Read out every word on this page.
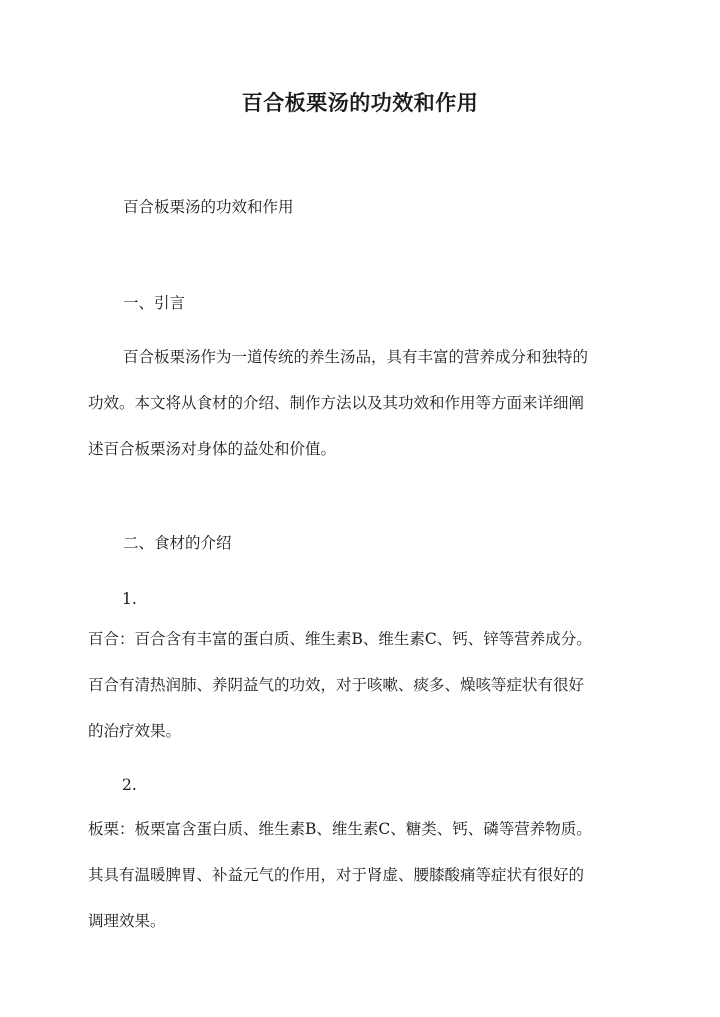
百合板栗汤的功效和作用

百合板栗汤的功效和作用

一、引言

百合板栗汤作为一道传统的养生汤品，具有丰富的营养成分和独特的

功效。本文将从食材的介绍、制作方法以及其功效和作用等方面来详细阐

述百合板栗汤对身体的益处和价值。

二、食材的介绍

1.

百合：百合含有丰富的蛋白质、维生素B、维生素C、钙、锌等营养成分。

百合有清热润肺、养阴益气的功效，对于咳嗽、痰多、燥咳等症状有很好

的治疗效果。

2.

板栗：板栗富含蛋白质、维生素B、维生素C、糖类、钙、磷等营养物质。

其具有温暖脾胃、补益元气的作用，对于肾虚、腰膝酸痛等症状有很好的

调理效果。
